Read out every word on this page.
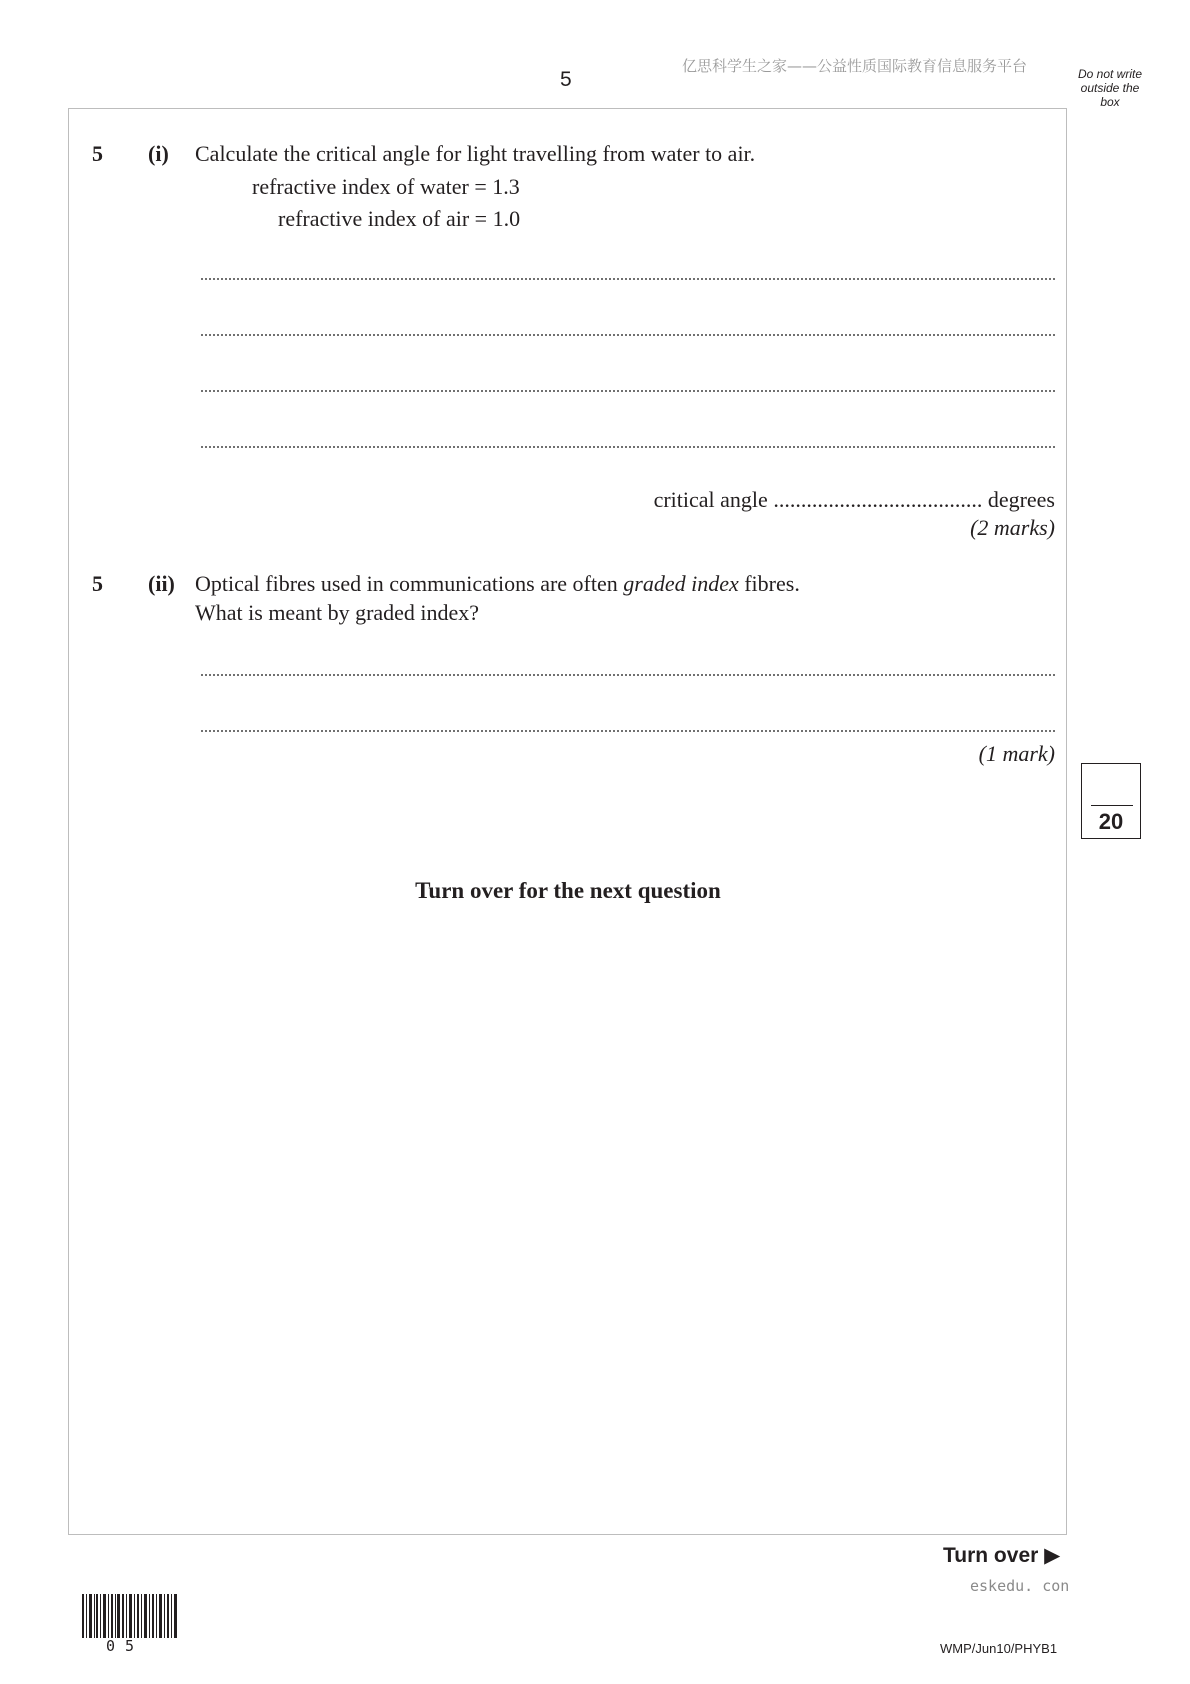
5
亿思科学生之家——公益性质国际教育信息服务平台	Do not write
outside the
box
5 (i) Calculate the critical angle for light travelling from water to air.
refractive index of water = 1.3
refractive index of air = 1.0
critical angle ...................................... degrees
(2 marks)
5 (ii) Optical fibres used in communications are often graded index fibres.
What is meant by graded index?
(1 mark)
20
Turn over for the next question
Turn over ▶
eskedu. con
05	WMP/Jun10/PHYB1
